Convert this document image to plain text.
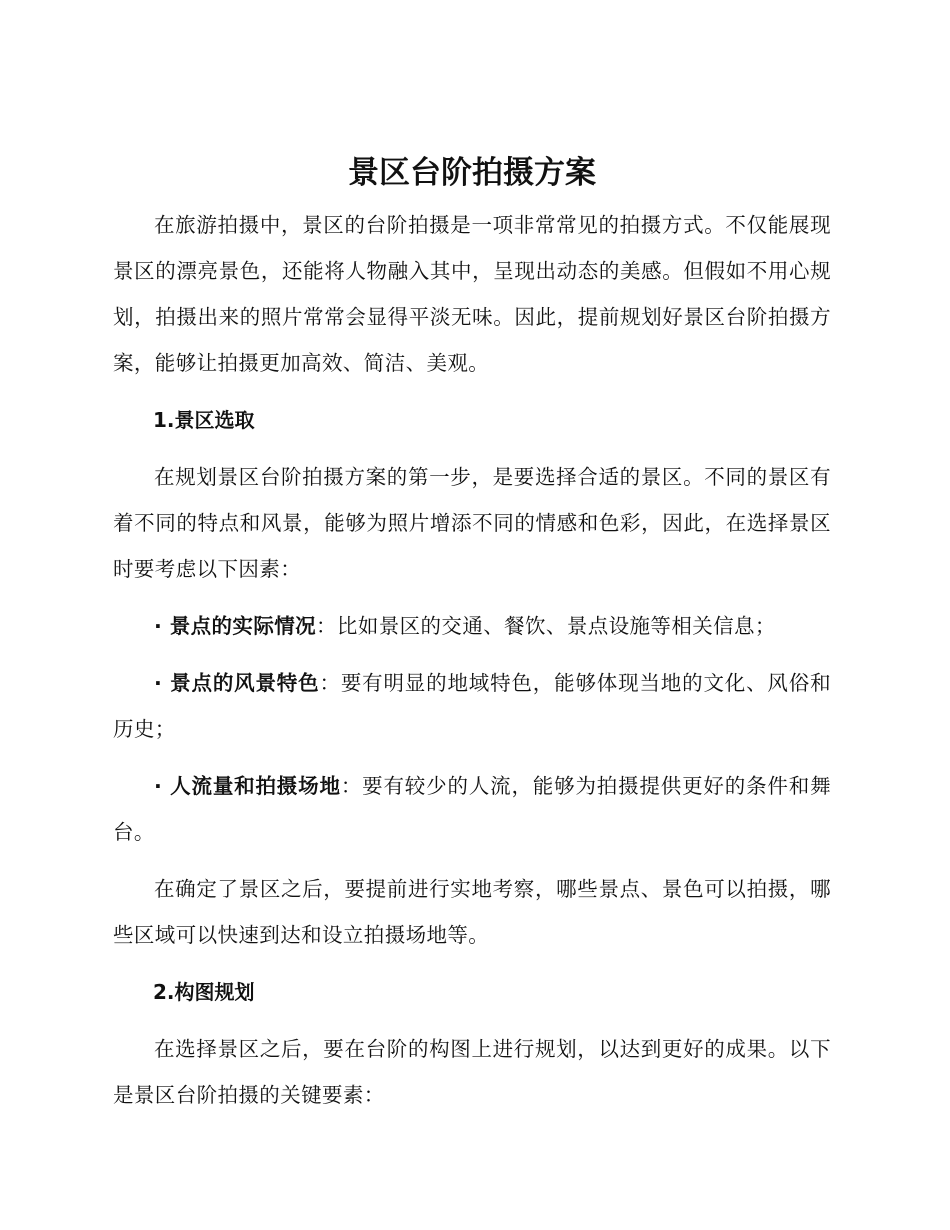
景区台阶拍摄方案

在旅游拍摄中，景区的台阶拍摄是一项非常常见的拍摄方式。不仅能展现景区的漂亮景色，还能将人物融入其中，呈现出动态的美感。但假如不用心规划，拍摄出来的照片常常会显得平淡无味。因此，提前规划好景区台阶拍摄方案，能够让拍摄更加高效、简洁、美观。

1.景区选取

在规划景区台阶拍摄方案的第一步，是要选择合适的景区。不同的景区有着不同的特点和风景，能够为照片增添不同的情感和色彩，因此，在选择景区时要考虑以下因素：

· 景点的实际情况：比如景区的交通、餐饮、景点设施等相关信息；

· 景点的风景特色：要有明显的地域特色，能够体现当地的文化、风俗和历史；

· 人流量和拍摄场地：要有较少的人流，能够为拍摄提供更好的条件和舞台。

在确定了景区之后，要提前进行实地考察，哪些景点、景色可以拍摄，哪些区域可以快速到达和设立拍摄场地等。

2.构图规划

在选择景区之后，要在台阶的构图上进行规划，以达到更好的成果。以下是景区台阶拍摄的关键要素：
